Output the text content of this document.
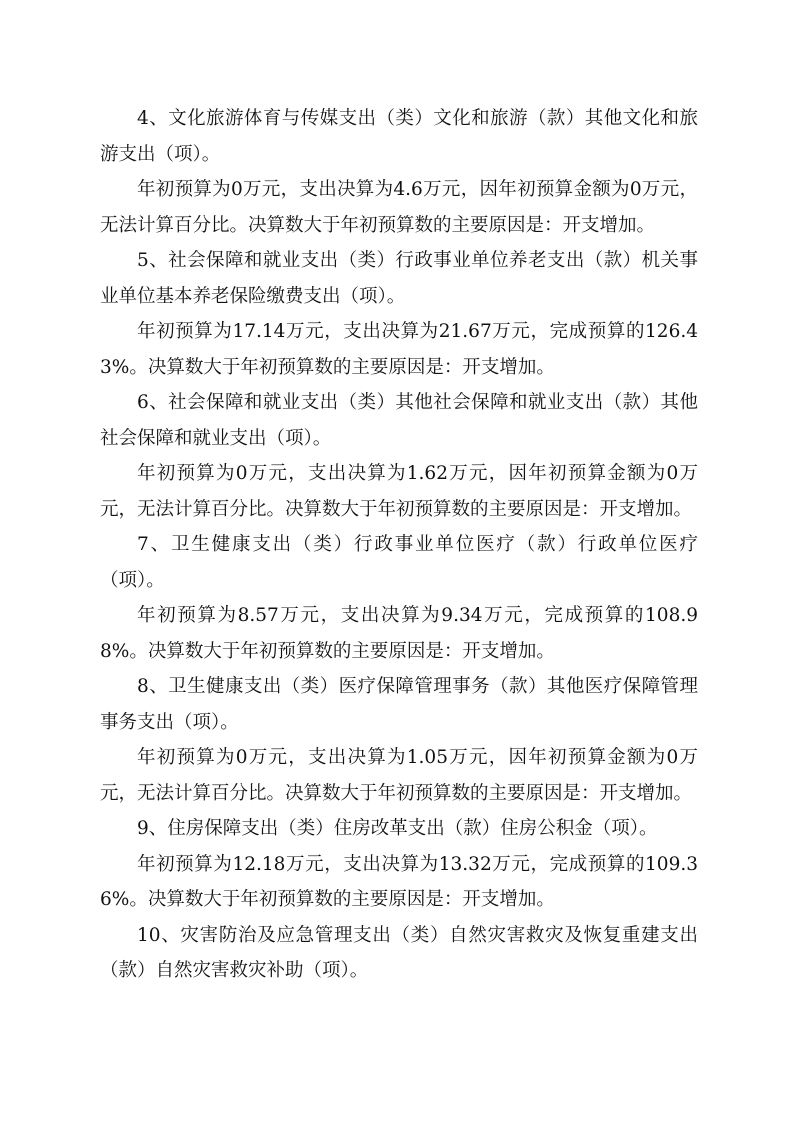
4、文化旅游体育与传媒支出（类）文化和旅游（款）其他文化和旅游支出（项）。

年初预算为0万元，支出决算为4.6万元，因年初预算金额为0万元，无法计算百分比。决算数大于年初预算数的主要原因是：开支增加。

5、社会保障和就业支出（类）行政事业单位养老支出（款）机关事业单位基本养老保险缴费支出（项）。

年初预算为17.14万元，支出决算为21.67万元，完成预算的126.43%。决算数大于年初预算数的主要原因是：开支增加。

6、社会保障和就业支出（类）其他社会保障和就业支出（款）其他社会保障和就业支出（项）。

年初预算为0万元，支出决算为1.62万元，因年初预算金额为0万元，无法计算百分比。决算数大于年初预算数的主要原因是：开支增加。

7、卫生健康支出（类）行政事业单位医疗（款）行政单位医疗（项）。

年初预算为8.57万元，支出决算为9.34万元，完成预算的108.98%。决算数大于年初预算数的主要原因是：开支增加。

8、卫生健康支出（类）医疗保障管理事务（款）其他医疗保障管理事务支出（项）。

年初预算为0万元，支出决算为1.05万元，因年初预算金额为0万元，无法计算百分比。决算数大于年初预算数的主要原因是：开支增加。

9、住房保障支出（类）住房改革支出（款）住房公积金（项）。

年初预算为12.18万元，支出决算为13.32万元，完成预算的109.36%。决算数大于年初预算数的主要原因是：开支增加。

10、灾害防治及应急管理支出（类）自然灾害救灾及恢复重建支出（款）自然灾害救灾补助（项）。
